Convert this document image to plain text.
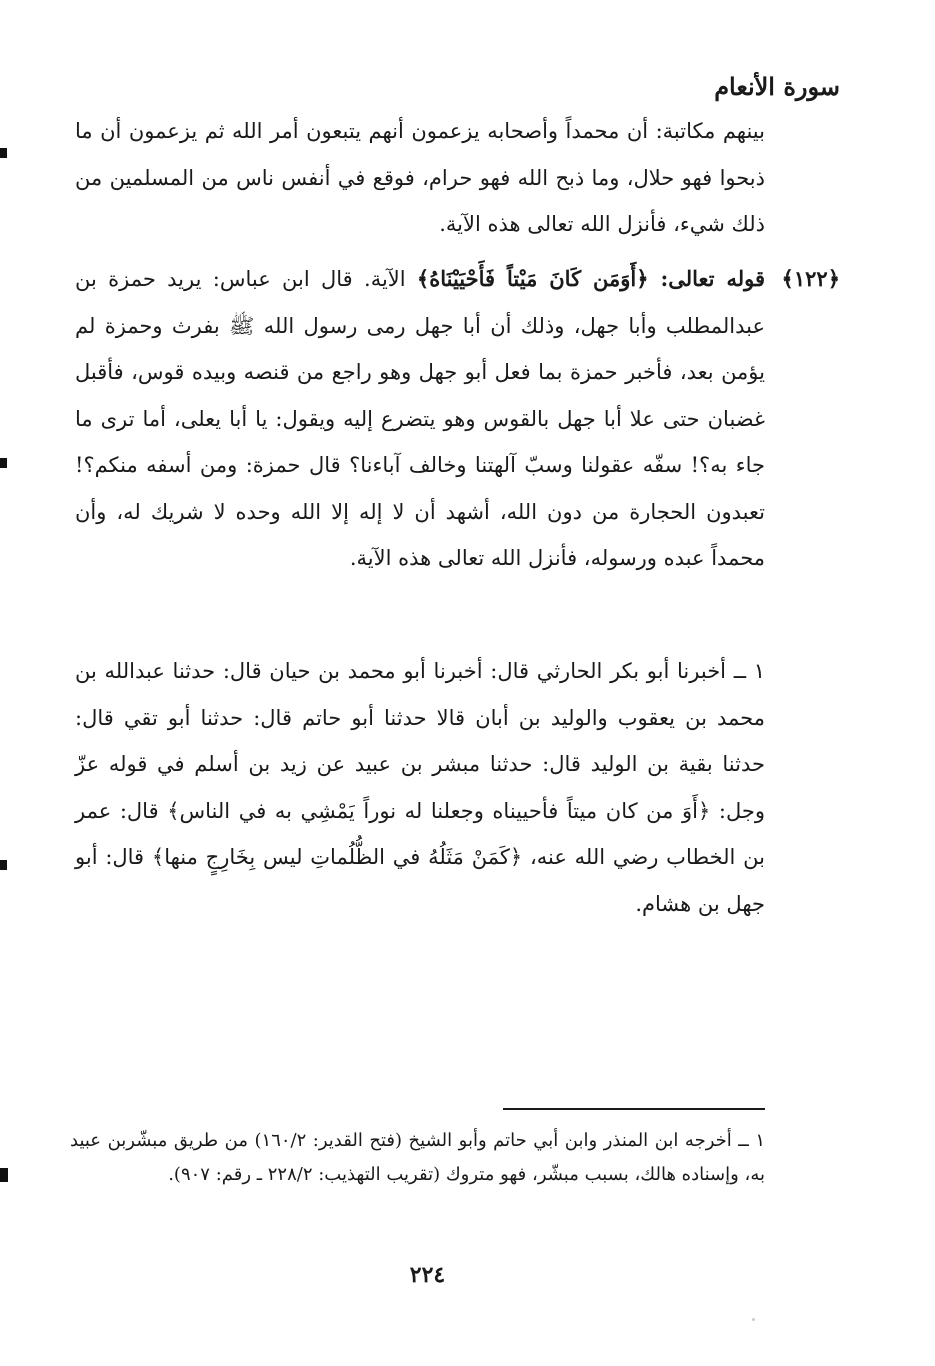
سورة الأنعام
بينهم مكاتبة: أن محمداً وأصحابه يزعمون أنهم يتبعون أمر الله ثم يزعمون أن ما ذبحوا فهو حلال، وما ذبح الله فهو حرام، فوقع في أنفس ناس من المسلمين من ذلك شيء، فأنزل الله تعالى هذه الآية.
﴿١٢٢﴾
قوله تعالى: ﴿أَوَمَن كَانَ مَيْتاً فَأَحْيَيْنَاهُ﴾ الآية. قال ابن عباس: يريد حمزة بن عبدالمطلب وأبا جهل، وذلك أن أبا جهل رمى رسول الله ﷺ بفرث وحمزة لم يؤمن بعد، فأخبر حمزة بما فعل أبو جهل وهو راجع من قنصه وبيده قوس، فأقبل غضبان حتى علا أبا جهل بالقوس وهو يتضرع إليه ويقول: يا أبا يعلى، أما ترى ما جاء به؟! سفّه عقولنا وسبّ آلهتنا وخالف آباءنا؟ قال حمزة: ومن أسفه منكم؟! تعبدون الحجارة من دون الله، أشهد أن لا إله إلا الله وحده لا شريك له، وأن محمداً عبده ورسوله، فأنزل الله تعالى هذه الآية.
١ ــ أخبرنا أبو بكر الحارثي قال: أخبرنا أبو محمد بن حيان قال: حدثنا عبدالله بن محمد بن يعقوب والوليد بن أبان قالا حدثنا أبو حاتم قال: حدثنا أبو تقي قال: حدثنا بقية بن الوليد قال: حدثنا مبشر بن عبيد عن زيد بن أسلم في قوله عزّ وجل: ﴿أَوَ من كان ميتاً فأحييناه وجعلنا له نوراً يَمْشِي به في الناس﴾ قال: عمر بن الخطاب رضي الله عنه، ﴿كَمَنْ مَثَلُهُ في الظُّلُماتِ ليس بِخَارِجٍ منها﴾ قال: أبو جهل بن هشام.
١ ــ أخرجه ابن المنذر وابن أبي حاتم وأبو الشيخ (فتح القدير: ١٦٠/٢) من طريق مبشّربن عبيد به، وإسناده هالك، بسبب مبشّر، فهو متروك (تقريب التهذيب: ٢٢٨/٢ ـ رقم: ٩٠٧).
٢٢٤
